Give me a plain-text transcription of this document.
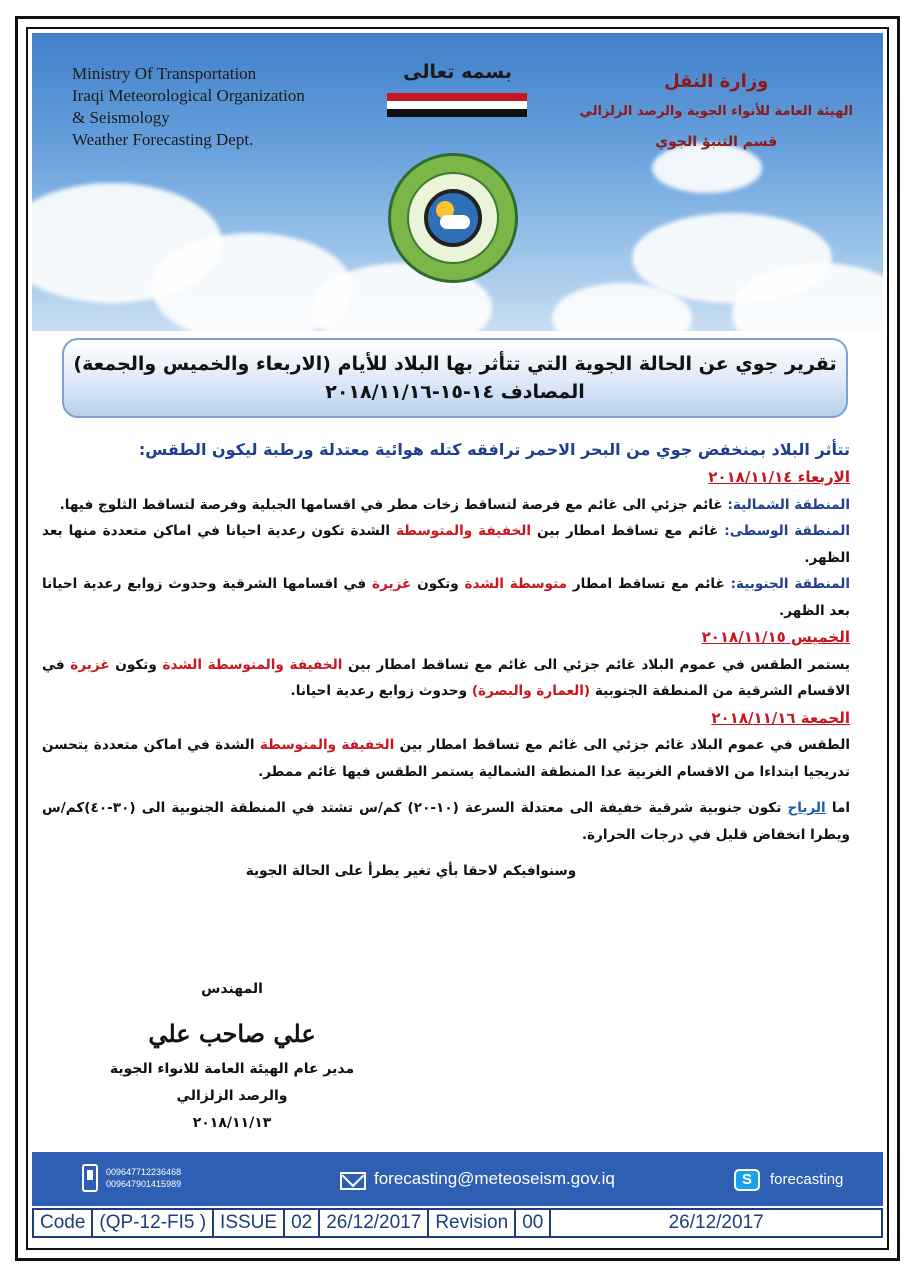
Ministry Of Transportation
Iraqi Meteorological Organization
& Seismology
Weather Forecasting Dept.
بسمه تعالى	وزارة النقل
الهيئة العامة للأنواء الجوية والرصد الزلزالي
قسم التنبؤ الجوي
تقرير جوي عن الحالة الجوية التي تتأثر بها البلاد للأيام (الاربعاء والخميس والجمعة)
المصادف ١٤-١٥-٢٠١٨/١١/١٦
تتأثر البلاد بمنخفض جوي من البحر الاحمر ترافقه كتله هوائية معتدلة ورطبة ليكون الطقس:
الاربعاء ٢٠١٨/١١/١٤
المنطقة الشمالية: غائم جزئي الى غائم مع فرصة لتساقط زخات مطر في اقسامها الجبلية وفرصة لتساقط الثلوج فيها.
المنطقة الوسطى: غائم مع تساقط امطار بين الخفيفة والمتوسطة الشدة تكون رعدية احيانا في اماكن متعددة منها بعد الظهر.
المنطقة الجنوبية: غائم مع تساقط امطار متوسطة الشدة وتكون غزيرة في اقسامها الشرقية وحدوث زوابع رعدية احيانا بعد الظهر.
الخميس ٢٠١٨/١١/١٥
يستمر الطقس في عموم البلاد غائم جزئي الى غائم مع تساقط امطار بين الخفيفة والمتوسطة الشدة وتكون غزيرة في الاقسام الشرقية من المنطقة الجنوبية (العمارة والبصرة) وحدوث زوابع رعدية احيانا.
الجمعة ٢٠١٨/١١/١٦
الطقس في عموم البلاد غائم جزئي الى غائم مع تساقط امطار بين الخفيفة والمتوسطة الشدة في اماكن متعددة يتحسن تدريجيا ابتداءا من الاقسام الغربية عدا المنطقة الشمالية يستمر الطقس فيها غائم ممطر.
اما الرياح تكون جنوبية شرقية خفيفة الى معتدلة السرعة (١٠-٢٠) كم/س تشتد في المنطقة الجنوبية الى (٣٠-٤٠)كم/س ويطرا انخفاض قليل في درجات الحرارة.
وسنوافيكم لاحقا بأي تغير يطرأ على الحالة الجوية
المهندس
علي صاحب علي
مدير عام الهيئة العامة للانواء الجوية
والرصد الزلزالي
٢٠١٨/١١/١٣
009647712236468
009647901415989	forecasting@meteoseism.gov.iq	S	forecasting
Code (QP-12-FI5 ) ISSUE 02 26/12/2017 Revision 00	26/12/2017
